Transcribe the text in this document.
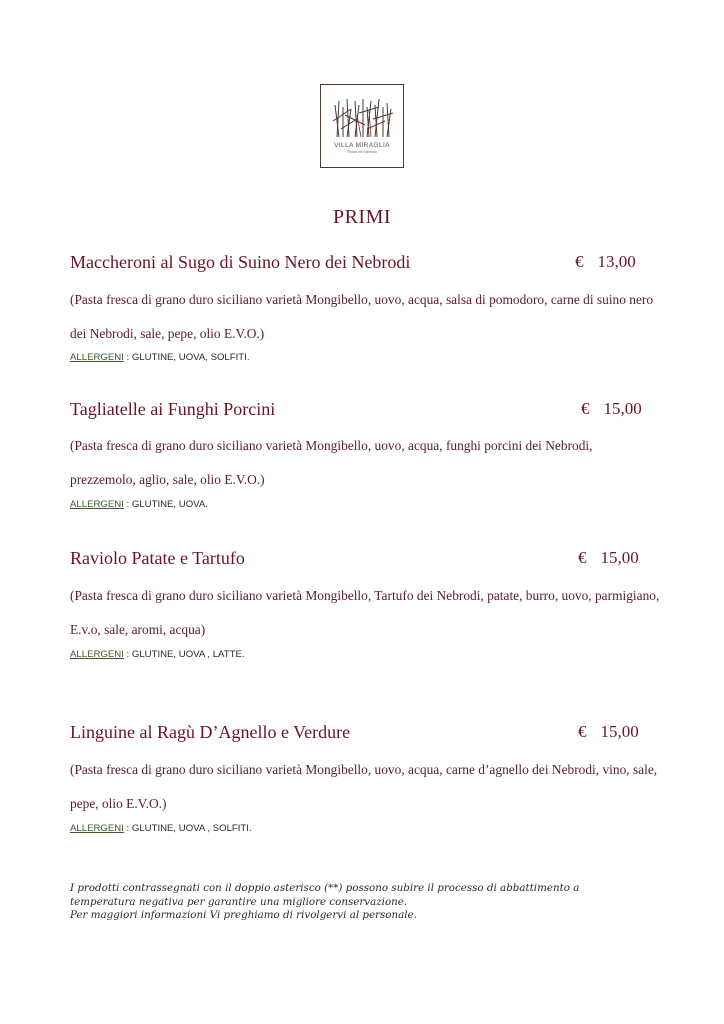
VILLA MIRAGLIA
Relais nei Nebrodi
PRIMI
Maccheroni al Sugo di Suino Nero dei Nebrodi	€ 13,00
(Pasta fresca di grano duro siciliano varietà Mongibello, uovo, acqua, salsa di pomodoro, carne di suino nero dei Nebrodi, sale, pepe, olio E.V.O.)
ALLERGENI : GLUTINE, UOVA, SOLFITI.
Tagliatelle ai Funghi Porcini	€ 15,00
(Pasta fresca di grano duro siciliano varietà Mongibello, uovo, acqua, funghi porcini dei Nebrodi, prezzemolo, aglio, sale, olio E.V.O.)
ALLERGENI : GLUTINE, UOVA.
Raviolo Patate e Tartufo	€ 15,00
(Pasta fresca di grano duro siciliano varietà Mongibello, Tartufo dei Nebrodi, patate, burro, uovo, parmigiano, E.v.o, sale, aromi, acqua)
ALLERGENI : GLUTINE, UOVA , LATTE.
Linguine al Ragù D’Agnello e Verdure	€ 15,00
(Pasta fresca di grano duro siciliano varietà Mongibello, uovo, acqua, carne d’agnello dei Nebrodi, vino, sale, pepe, olio E.V.O.)
ALLERGENI : GLUTINE, UOVA , SOLFITI.
I prodotti contrassegnati con il doppio asterisco (**) possono subire il processo di abbattimento a
temperatura negativa per garantire una migliore conservazione.
Per maggiori informazioni Vi preghiamo di rivolgervi al personale.
